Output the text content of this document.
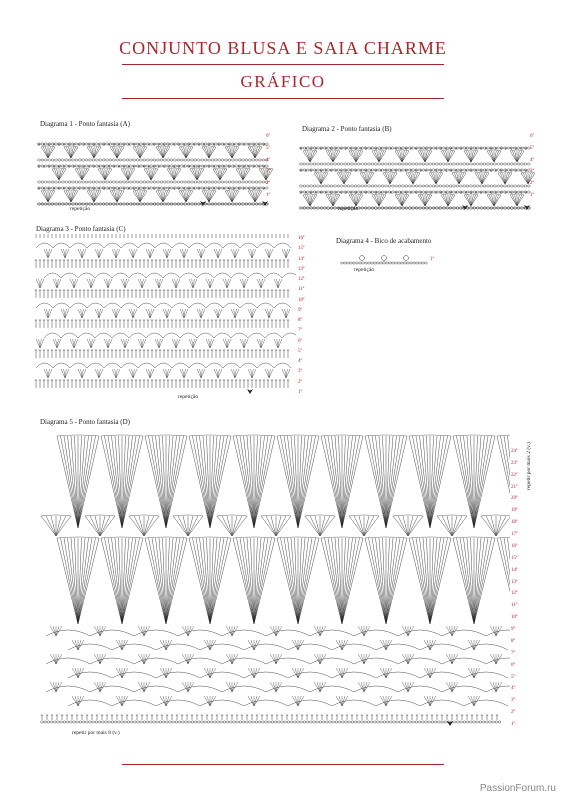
CONJUNTO BLUSA E SAIA CHARME
GRÁFICO
Diagrama 1 - Ponto fantasia (A)
repetição
6ª
5ª
4ª
3ª
2ª
1ª
Diagrama 2 - Ponto fantasia (B)
repetição
6ª
5ª
4ª
3ª
2ª
1ª
Diagrama 3 - Ponto fantasia (C)
repetição
16ª
15ª
14ª
13ª
12ª
11ª
10ª
9ª
8ª
7ª
6ª
5ª
4ª
3ª
2ª
1ª
Diagrama 4 - Bico de acabamento
repetição
1ª
Diagrama 5 - Ponto fantasia (D)
repetir por mais 8 (v.)
repetir por mais 2 (v.)
24ª
23ª
22ª
21ª
20ª
19ª
18ª
17ª
16ª
15ª
14ª
13ª
12ª
11ª
10ª
9ª
8ª
7ª
6ª
5ª
4ª
3ª
2ª
1ª
PassionForum.ru
